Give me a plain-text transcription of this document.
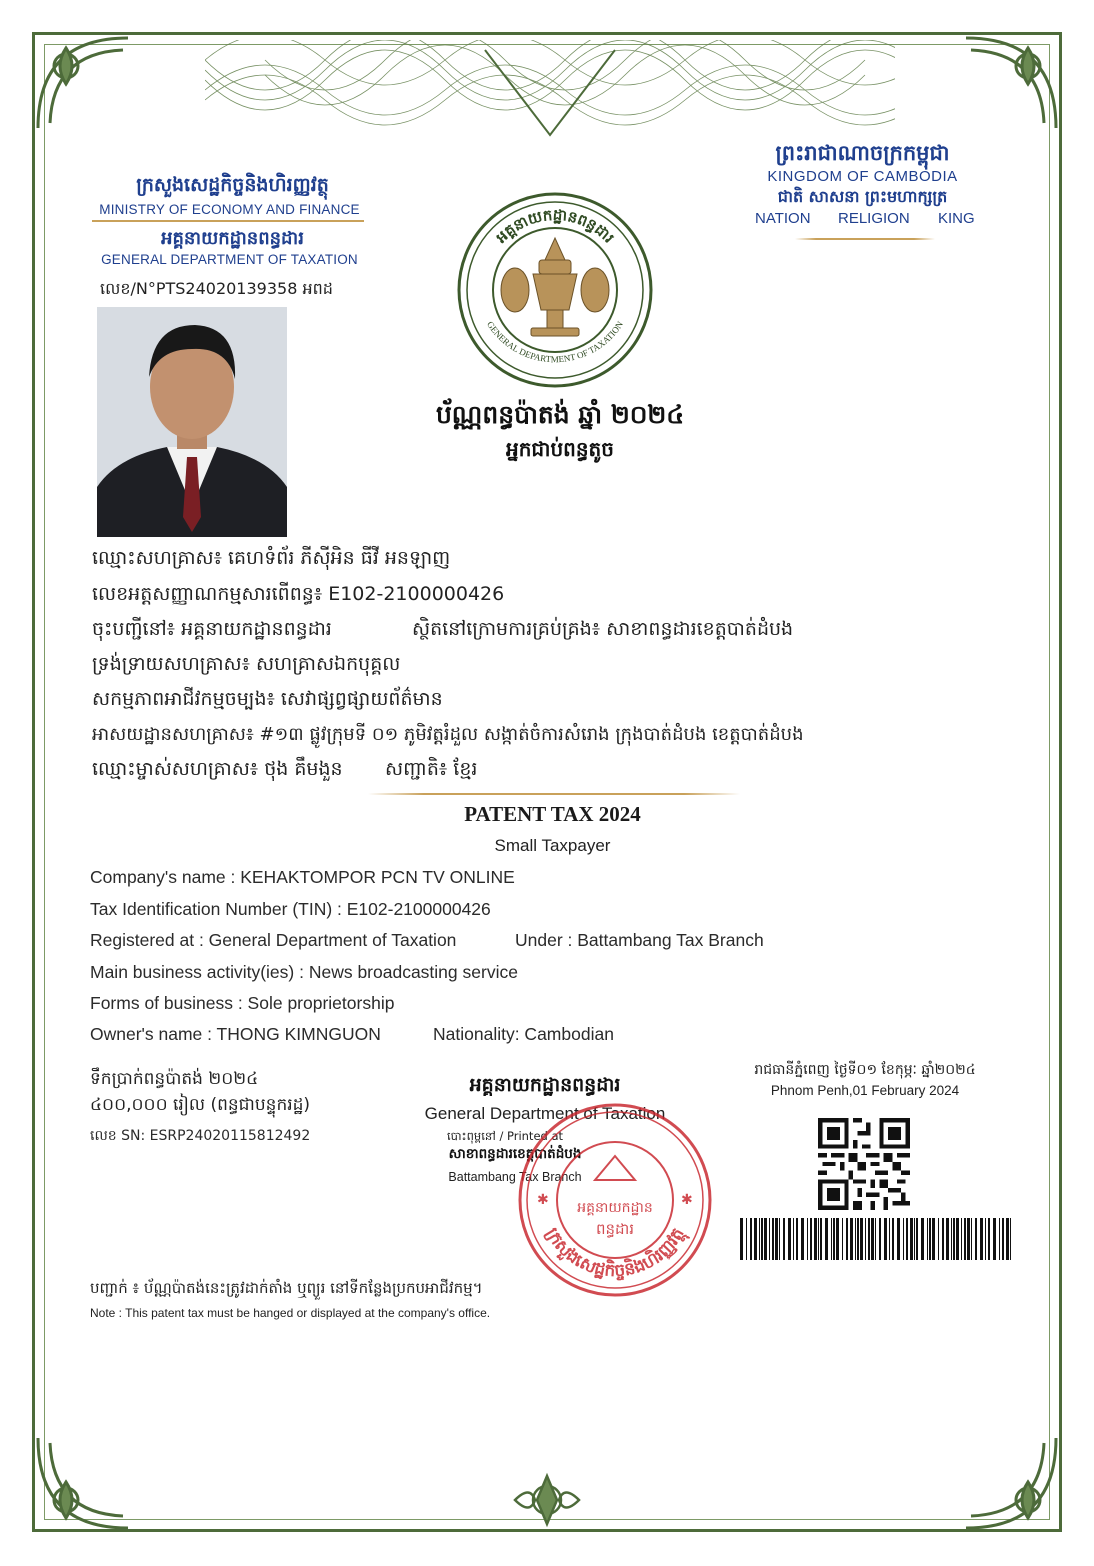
ក្រសួងសេដ្ឋកិច្ចនិងហិរញ្ញវត្ថុ
MINISTRY OF ECONOMY AND FINANCE
អគ្គនាយកដ្ឋានពន្ធដារ
GENERAL DEPARTMENT OF TAXATION
លេខ/N°PTS24020139358 អពដ
ព្រះរាជាណាចក្រកម្ពុជា
KINGDOM OF CAMBODIA
ជាតិ សាសនា ព្រះមហាក្សត្រ
NATION RELIGION KING
អគ្គនាយកដ្ឋានពន្ធដារ
GENERAL DEPARTMENT OF TAXATION
ប័ណ្ណពន្ធប៉ាតង់ ឆ្នាំ ២០២៤
អ្នកជាប់ពន្ធតូច
ឈ្មោះសហគ្រាស៖ គេហទំព័រ ភីស៊ីអិន ធីវី អនឡាញ
លេខអត្តសញ្ញាណកម្មសារពើពន្ធ៖ E102-2100000426
ចុះបញ្ជីនៅ៖ អគ្គនាយកដ្ឋានពន្ធដារ	ស្ថិតនៅក្រោមការគ្រប់គ្រង៖ សាខាពន្ធដារខេត្តបាត់ដំបង
ទ្រង់ទ្រាយសហគ្រាស៖ សហគ្រាសឯកបុគ្គល
សកម្មភាពអាជីវកម្មចម្បង៖ សេវាផ្សព្វផ្សាយព័ត៌មាន
អាសយដ្ឋានសហគ្រាស៖ #១៣ ផ្លូវក្រុមទី ០១ ភូមិវត្តរំដួល សង្កាត់ចំការសំរោង ក្រុងបាត់ដំបង ខេត្តបាត់ដំបង
ឈ្មោះម្ចាស់សហគ្រាស៖ ថុង គឹមងួន សញ្ជាតិ៖ ខ្មែរ
PATENT TAX 2024
Small Taxpayer
Company's name : KEHAKTOMPOR PCN TV ONLINE
Tax Identification Number (TIN) : E102-2100000426
Registered at : General Department of Taxation	Under : Battambang Tax Branch
Main business activity(ies) : News broadcasting service
Forms of business : Sole proprietorship
Owner's name : THONG KIMNGUON	Nationality: Cambodian
ទឹកប្រាក់ពន្ធប៉ាតង់ ២០២៤
៤០០,០០០ រៀល (ពន្ធជាបន្ទុករដ្ឋ)
លេខ SN: ESRP24020115812492
អគ្គនាយកដ្ឋានពន្ធដារ
General Department of Taxation
បោះពុម្ពនៅ / Printed at
សាខាពន្ធដារខេត្តបាត់ដំបង
Battambang Tax Branch
ក្រសួងសេដ្ឋកិច្ចនិងហិរញ្ញវត្ថុ
អគ្គនាយកដ្ឋាន
ពន្ធដារ
✱	✱
រាជធានីភ្នំពេញ ថ្ងៃទី០១ ខែកុម្ភៈ ឆ្នាំ២០២៤
Phnom Penh,01 February 2024
បញ្ជាក់ ៖ ប័ណ្ណប៉ាតង់នេះត្រូវដាក់តាំង ឬព្យួរ នៅទីកន្លែងប្រកបអាជីវកម្ម។
Note : This patent tax must be hanged or displayed at the company's office.
